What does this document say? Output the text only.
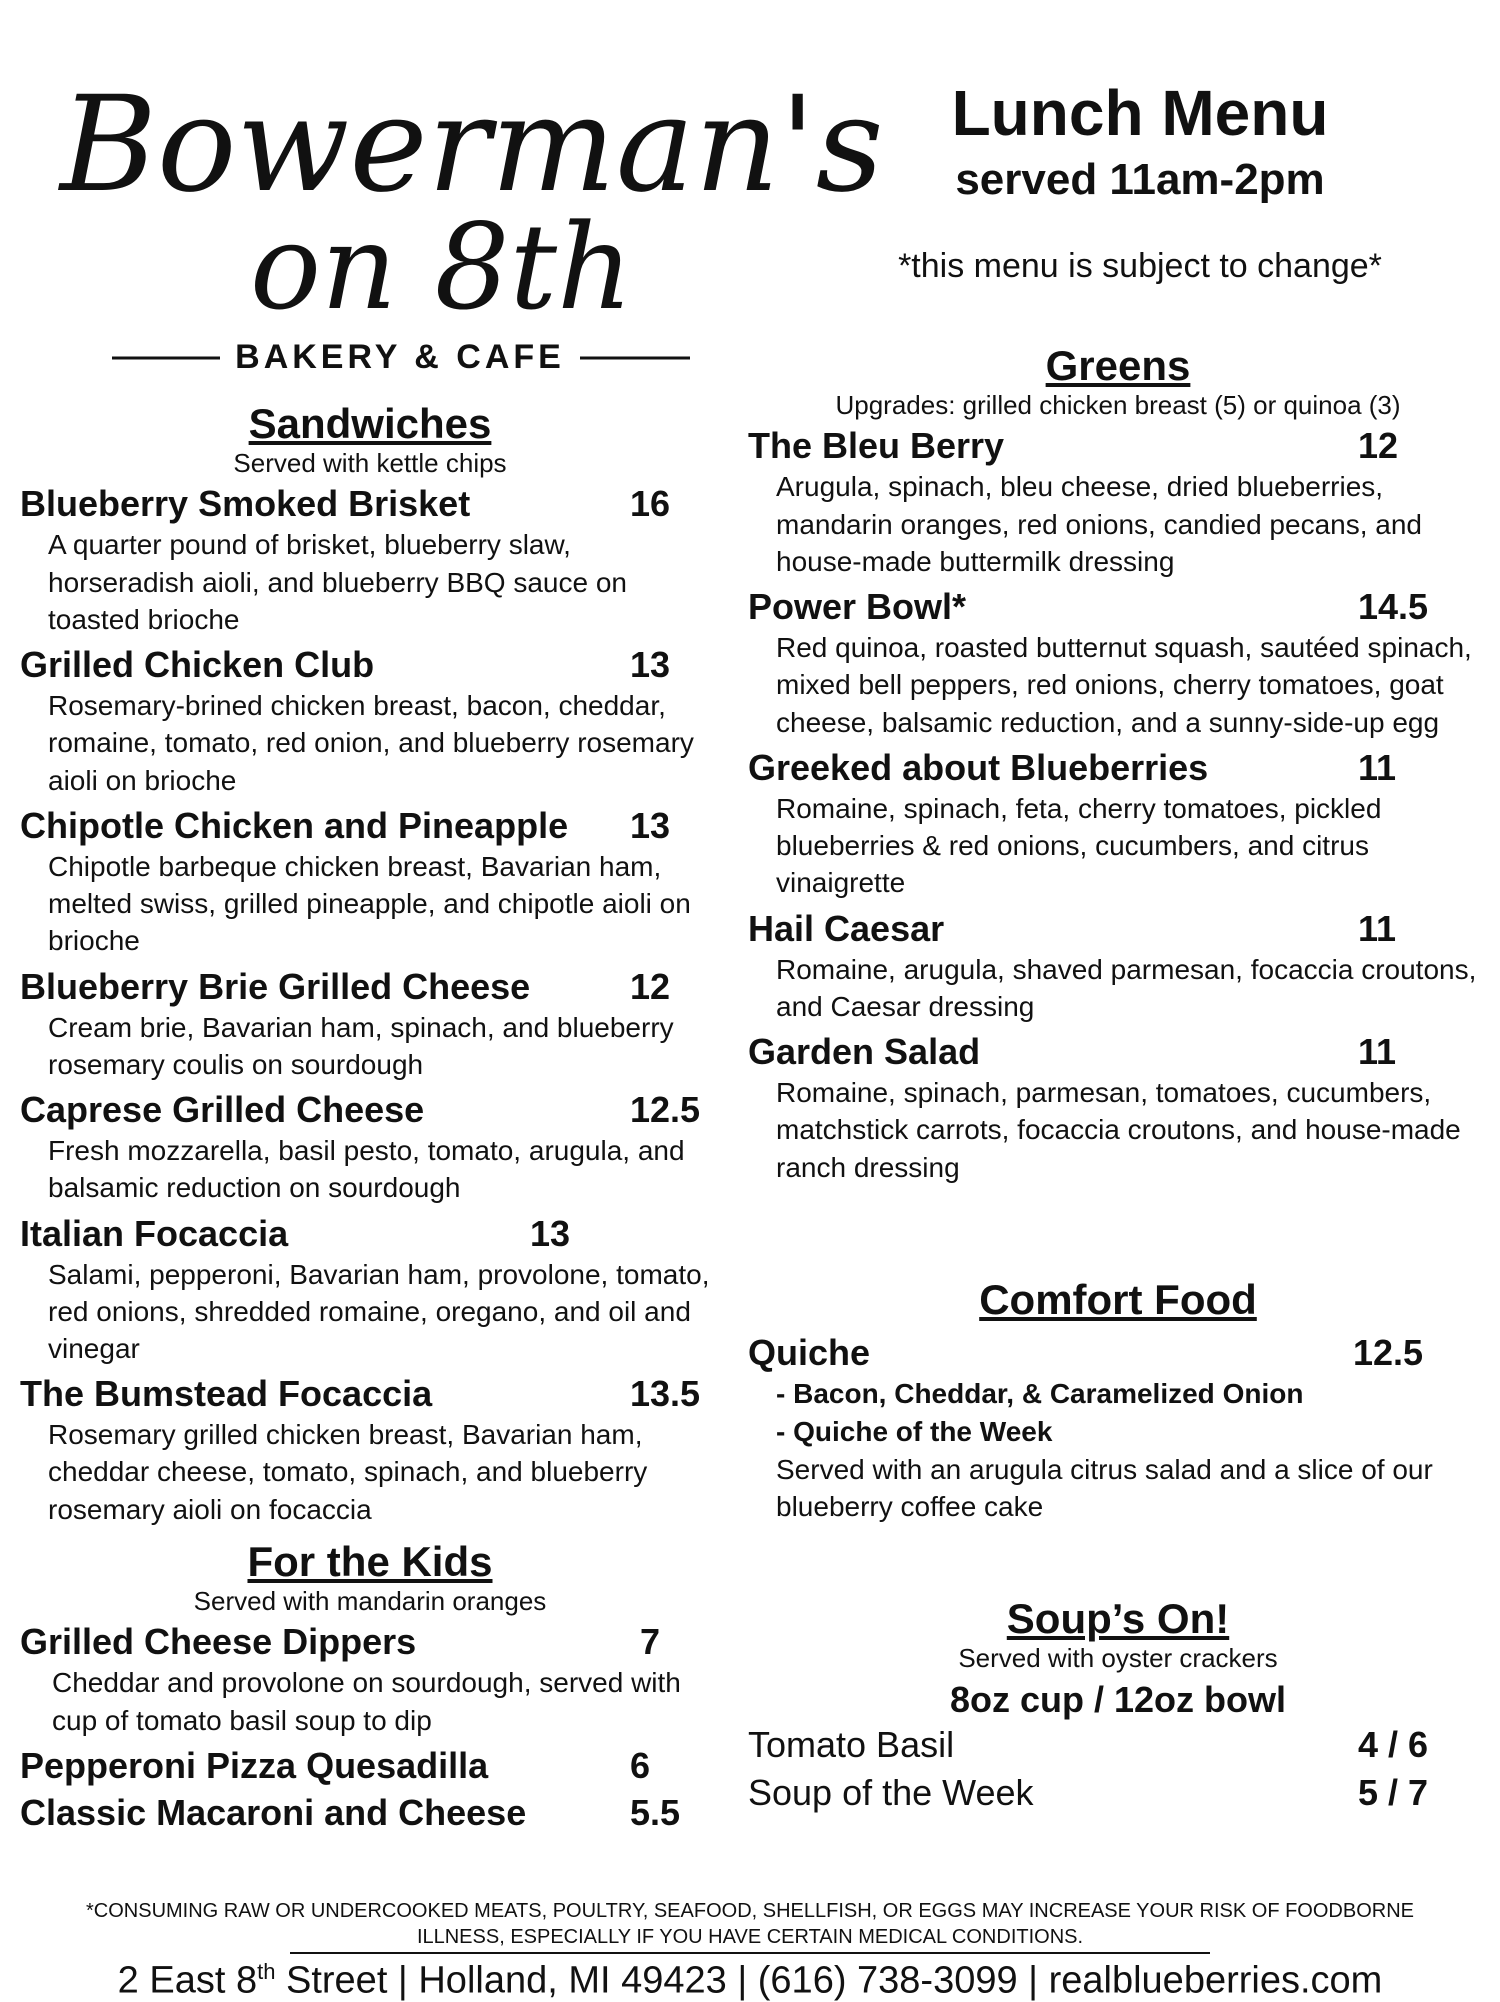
Bowerman's
on 8th
BAKERY & CAFE
Lunch Menu
served 11am-2pm
*this menu is subject to change*
Sandwiches
Served with kettle chips
Blueberry Smoked Brisket	16
A quarter pound of brisket, blueberry slaw, horseradish aioli, and blueberry BBQ sauce on toasted brioche
Grilled Chicken Club	13
Rosemary-brined chicken breast, bacon, cheddar, romaine, tomato, red onion, and blueberry rosemary aioli on brioche
Chipotle Chicken and Pineapple 13
Chipotle barbeque chicken breast, Bavarian ham, melted swiss, grilled pineapple, and chipotle aioli on brioche
Blueberry Brie Grilled Cheese	12
Cream brie, Bavarian ham, spinach, and blueberry rosemary coulis on sourdough
Caprese Grilled Cheese	12.5
Fresh mozzarella, basil pesto, tomato, arugula, and balsamic reduction on sourdough
Italian Focaccia	13
Salami, pepperoni, Bavarian ham, provolone, tomato, red onions, shredded romaine, oregano, and oil and vinegar
The Bumstead Focaccia	13.5
Rosemary grilled chicken breast, Bavarian ham, cheddar cheese, tomato, spinach, and blueberry rosemary aioli on focaccia
For the Kids
Served with mandarin oranges
Grilled Cheese Dippers	7
Cheddar and provolone on sourdough, served with cup of tomato basil soup to dip
Pepperoni Pizza Quesadilla	6
Classic Macaroni and Cheese	5.5
Greens
Upgrades: grilled chicken breast (5) or quinoa (3)
The Bleu Berry	12
Arugula, spinach, bleu cheese, dried blueberries, mandarin oranges, red onions, candied pecans, and house-made buttermilk dressing
Power Bowl*	14.5
Red quinoa, roasted butternut squash, sautéed spinach, mixed bell peppers, red onions, cherry tomatoes, goat cheese, balsamic reduction, and a sunny-side-up egg
Greeked about Blueberries	11
Romaine, spinach, feta, cherry tomatoes, pickled blueberries & red onions, cucumbers, and citrus vinaigrette
Hail Caesar	11
Romaine, arugula, shaved parmesan, focaccia croutons, and Caesar dressing
Garden Salad	11
Romaine, spinach, parmesan, tomatoes, cucumbers, matchstick carrots, focaccia croutons, and house-made ranch dressing
Comfort Food
Quiche	12.5
- Bacon, Cheddar, & Caramelized Onion
- Quiche of the Week
Served with an arugula citrus salad and a slice of our blueberry coffee cake
Soup’s On!
Served with oyster crackers
8oz cup / 12oz bowl
Tomato Basil	4 / 6
Soup of the Week	5 / 7
*CONSUMING RAW OR UNDERCOOKED MEATS, POULTRY, SEAFOOD, SHELLFISH, OR EGGS MAY INCREASE YOUR RISK OF FOODBORNE ILLNESS, ESPECIALLY IF YOU HAVE CERTAIN MEDICAL CONDITIONS.
2 East 8th Street | Holland, MI 49423 | (616) 738-3099 | realblueberries.com
